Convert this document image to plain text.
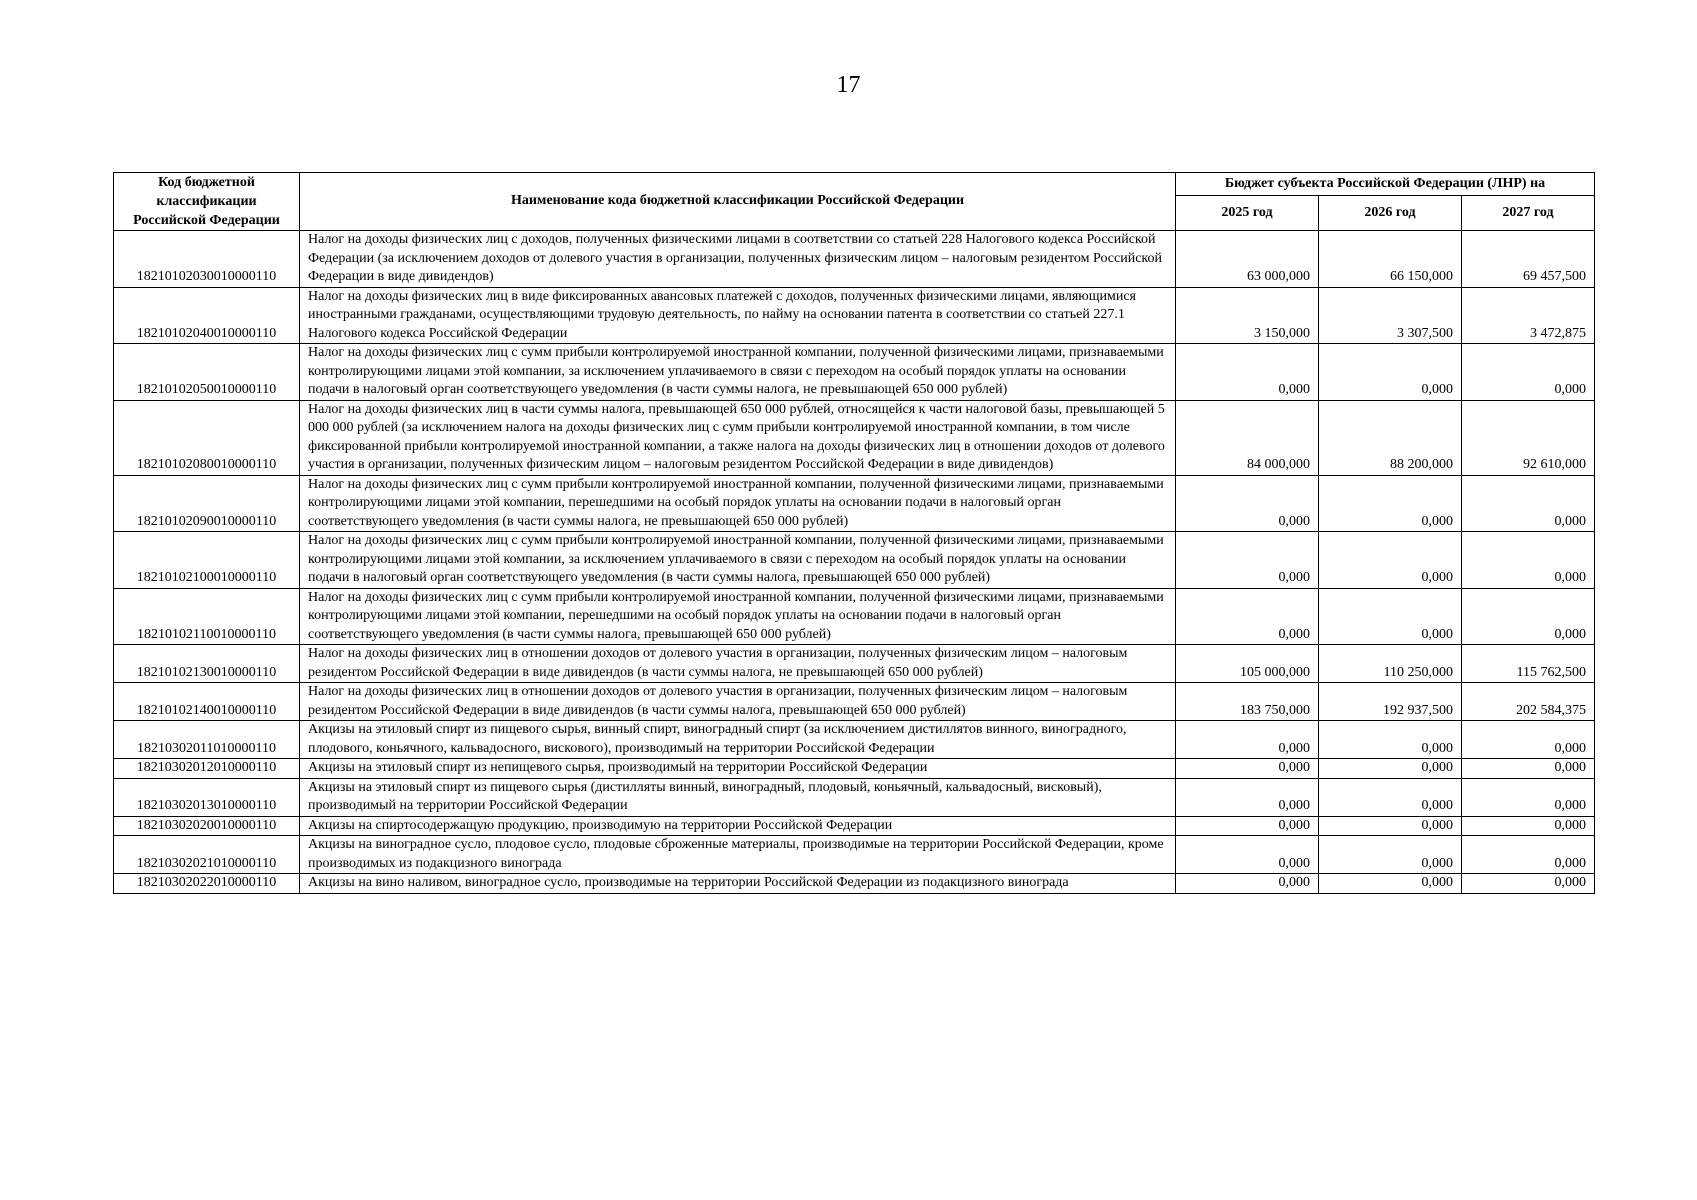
17
Код бюджетной классификации Российской Федерации	Наименование кода бюджетной классификации Российской Федерации	Бюджет субъекта Российской Федерации (ЛНР) на		
		2025 год	2026 год	2027 год
18210102030010000110	Налог на доходы физических лиц с доходов, полученных физическими лицами в соответствии со статьей 228 Налогового кодекса Российской Федерации (за исключением доходов от долевого участия в организации, полученных физическим лицом – налоговым резидентом Российской Федерации в виде дивидендов)	63 000,000	66 150,000	69 457,500
18210102040010000110	Налог на доходы физических лиц в виде фиксированных авансовых платежей с доходов, полученных физическими лицами, являющимися иностранными гражданами, осуществляющими трудовую деятельность, по найму на основании патента в соответствии со статьей 227.1 Налогового кодекса Российской Федерации	3 150,000	3 307,500	3 472,875
18210102050010000110	Налог на доходы физических лиц с сумм прибыли контролируемой иностранной компании, полученной физическими лицами, признаваемыми контролирующими лицами этой компании, за исключением уплачиваемого в связи с переходом на особый порядок уплаты на основании подачи в налоговый орган соответствующего уведомления (в части суммы налога, не превышающей 650 000 рублей)	0,000	0,000	0,000
18210102080010000110	Налог на доходы физических лиц в части суммы налога, превышающей 650 000 рублей, относящейся к части налоговой базы, превышающей 5 000 000 рублей (за исключением налога на доходы физических лиц с сумм прибыли контролируемой иностранной компании, в том числе фиксированной прибыли контролируемой иностранной компании, а также налога на доходы физических лиц в отношении доходов от долевого участия в организации, полученных физическим лицом – налоговым резидентом Российской Федерации в виде дивидендов)	84 000,000	88 200,000	92 610,000
18210102090010000110	Налог на доходы физических лиц с сумм прибыли контролируемой иностранной компании, полученной физическими лицами, признаваемыми контролирующими лицами этой компании, перешедшими на особый порядок уплаты на основании подачи в налоговый орган соответствующего уведомления (в части суммы налога, не превышающей 650 000 рублей)	0,000	0,000	0,000
18210102100010000110	Налог на доходы физических лиц с сумм прибыли контролируемой иностранной компании, полученной физическими лицами, признаваемыми контролирующими лицами этой компании, за исключением уплачиваемого в связи с переходом на особый порядок уплаты на основании подачи в налоговый орган соответствующего уведомления (в части суммы налога, превышающей 650 000 рублей)	0,000	0,000	0,000
18210102110010000110	Налог на доходы физических лиц с сумм прибыли контролируемой иностранной компании, полученной физическими лицами, признаваемыми контролирующими лицами этой компании, перешедшими на особый порядок уплаты на основании подачи в налоговый орган соответствующего уведомления (в части суммы налога, превышающей 650 000 рублей)	0,000	0,000	0,000
18210102130010000110	Налог на доходы физических лиц в отношении доходов от долевого участия в организации, полученных физическим лицом – налоговым резидентом Российской Федерации в виде дивидендов (в части суммы налога, не превышающей 650 000 рублей)	105 000,000	110 250,000	115 762,500
18210102140010000110	Налог на доходы физических лиц в отношении доходов от долевого участия в организации, полученных физическим лицом – налоговым резидентом Российской Федерации в виде дивидендов (в части суммы налога, превышающей 650 000 рублей)	183 750,000	192 937,500	202 584,375
18210302011010000110	Акцизы на этиловый спирт из пищевого сырья, винный спирт, виноградный спирт (за исключением дистиллятов винного, виноградного, плодового, коньячного, кальвадосного, вискового), производимый на территории Российской Федерации	0,000	0,000	0,000
18210302012010000110	Акцизы на этиловый спирт из непищевого сырья, производимый на территории Российской Федерации	0,000	0,000	0,000
18210302013010000110	Акцизы на этиловый спирт из пищевого сырья (дистилляты винный, виноградный, плодовый, коньячный, кальвадосный, висковый), производимый на территории Российской Федерации	0,000	0,000	0,000
18210302020010000110	Акцизы на спиртосодержащую продукцию, производимую на территории Российской Федерации	0,000	0,000	0,000
18210302021010000110	Акцизы на виноградное сусло, плодовое сусло, плодовые сброженные материалы, производимые на территории Российской Федерации, кроме производимых из подакцизного винограда	0,000	0,000	0,000
18210302022010000110	Акцизы на вино наливом, виноградное сусло, производимые на территории Российской Федерации из подакцизного винограда	0,000	0,000	0,000
